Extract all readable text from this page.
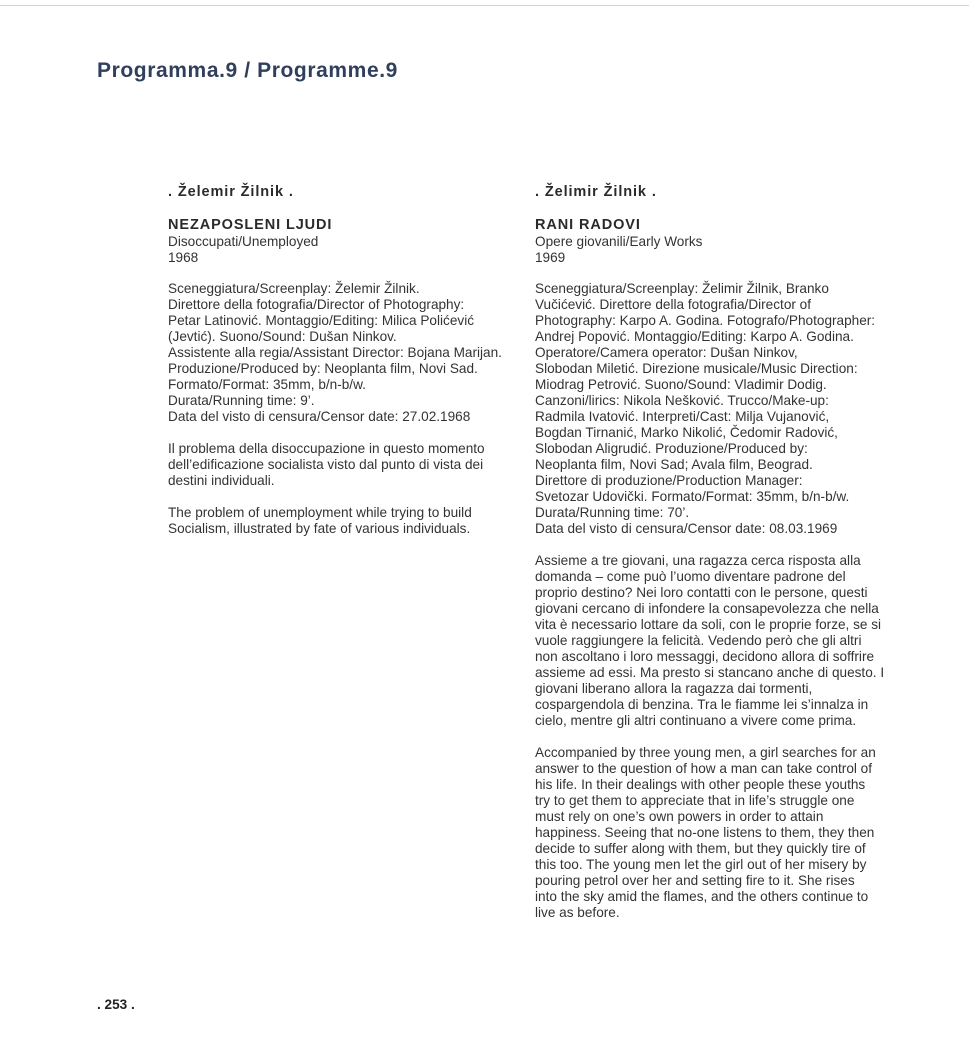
Programma.9 / Programme.9
. Želemir Žilnik .
NEZAPOSLENI LJUDI
Disoccupati/Unemployed
1968
Sceneggiatura/Screenplay: Želemir Žilnik.
Direttore della fotografia/Director of Photography:
Petar Latinović. Montaggio/Editing: Milica Polićević
(Jevtić). Suono/Sound: Dušan Ninkov.
Assistente alla regia/Assistant Director: Bojana Marijan.
Produzione/Produced by: Neoplanta film, Novi Sad.
Formato/Format: 35mm, b/n-b/w.
Durata/Running time: 9’.
Data del visto di censura/Censor date: 27.02.1968
Il problema della disoccupazione in questo momento
dell’edificazione socialista visto dal punto di vista dei
destini individuali.
The problem of unemployment while trying to build
Socialism, illustrated by fate of various individuals.
. Želimir Žilnik .
RANI RADOVI
Opere giovanili/Early Works
1969
Sceneggiatura/Screenplay: Želimir Žilnik, Branko
Vučićević. Direttore della fotografia/Director of
Photography: Karpo A. Godina. Fotografo/Photographer:
Andrej Popović. Montaggio/Editing: Karpo A. Godina.
Operatore/Camera operator: Dušan Ninkov,
Slobodan Miletić. Direzione musicale/Music Direction:
Miodrag Petrović. Suono/Sound: Vladimir Dodig.
Canzoni/lirics: Nikola Nešković. Trucco/Make-up:
Radmila Ivatović. Interpreti/Cast: Milja Vujanović,
Bogdan Tirnanić, Marko Nikolić, Čedomir Radović,
Slobodan Aligrudić. Produzione/Produced by:
Neoplanta film, Novi Sad; Avala film, Beograd.
Direttore di produzione/Production Manager:
Svetozar Udovički. Formato/Format: 35mm, b/n-b/w.
Durata/Running time: 70’.
Data del visto di censura/Censor date: 08.03.1969
Assieme a tre giovani, una ragazza cerca risposta alla
domanda – come può l’uomo diventare padrone del
proprio destino? Nei loro contatti con le persone, questi
giovani cercano di infondere la consapevolezza che nella
vita è necessario lottare da soli, con le proprie forze, se si
vuole raggiungere la felicità. Vedendo però che gli altri
non ascoltano i loro messaggi, decidono allora di soffrire
assieme ad essi. Ma presto si stancano anche di questo. I
giovani liberano allora la ragazza dai tormenti,
cospargendola di benzina. Tra le fiamme lei s’innalza in
cielo, mentre gli altri continuano a vivere come prima.
Accompanied by three young men, a girl searches for an
answer to the question of how a man can take control of
his life. In their dealings with other people these youths
try to get them to appreciate that in life’s struggle one
must rely on one’s own powers in order to attain
happiness. Seeing that no-one listens to them, they then
decide to suffer along with them, but they quickly tire of
this too. The young men let the girl out of her misery by
pouring petrol over her and setting fire to it. She rises
into the sky amid the flames, and the others continue to
live as before.
. 253 .
